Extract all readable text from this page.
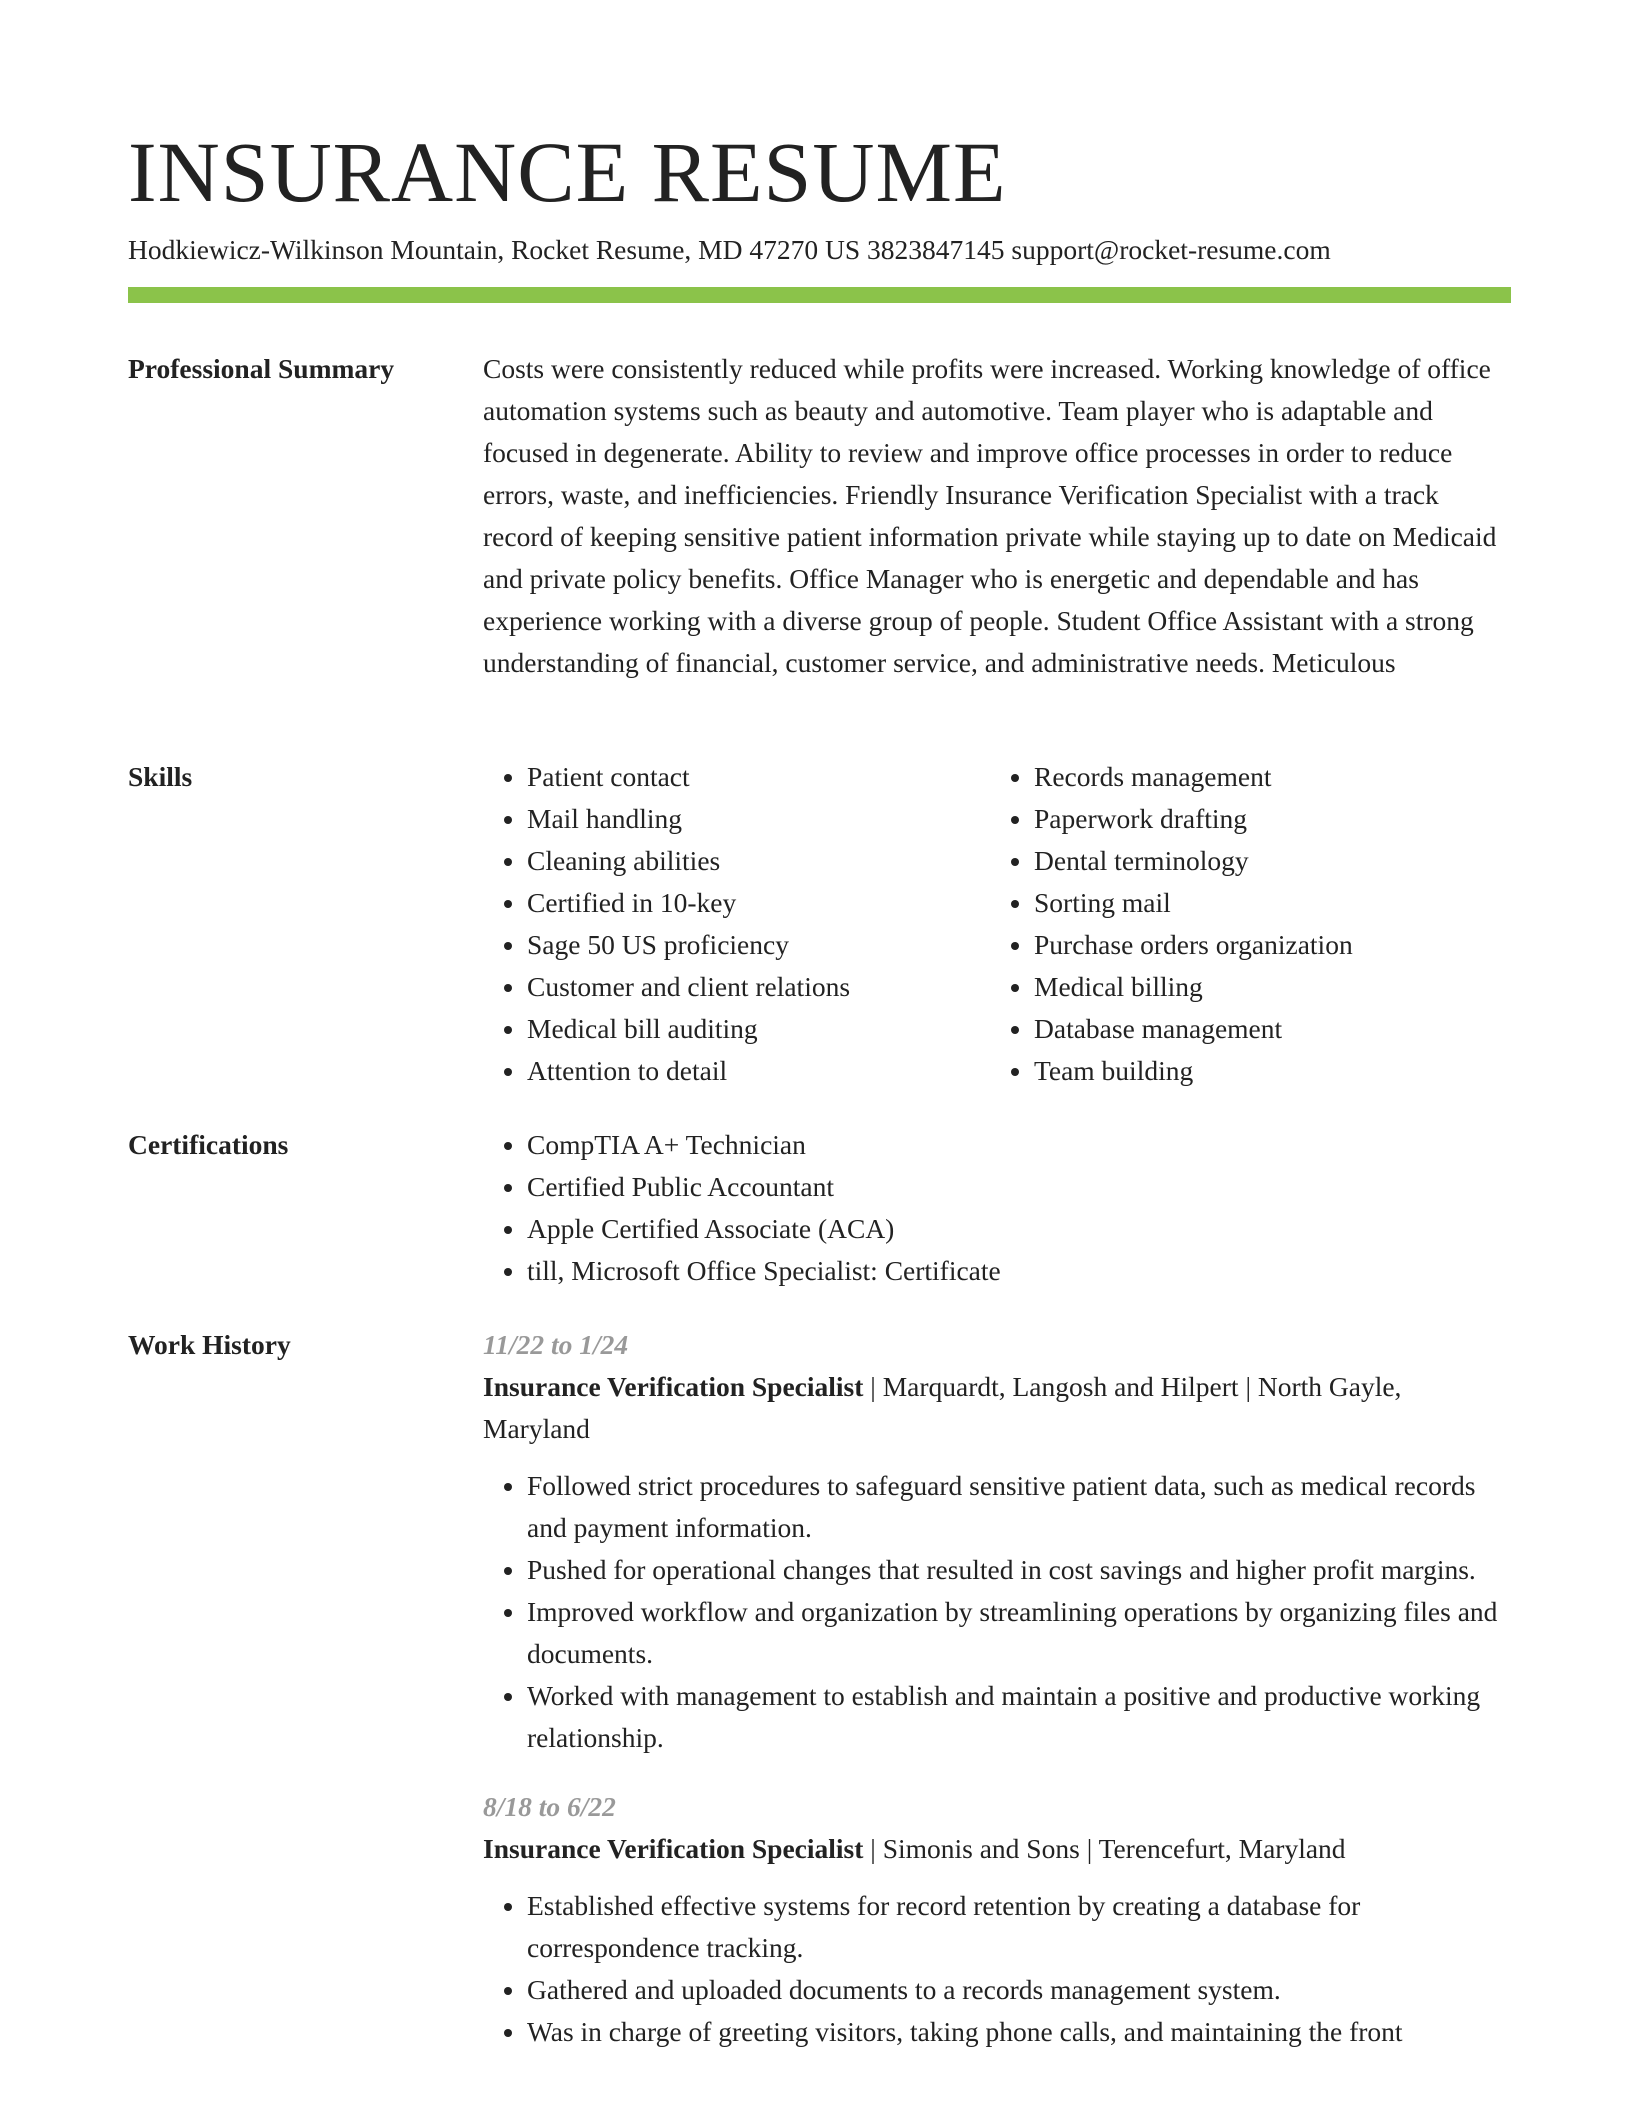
INSURANCE RESUME
Hodkiewicz-Wilkinson Mountain, Rocket Resume, MD 47270 US 3823847145 support@rocket-resume.com
Professional Summary	Costs were consistently reduced while profits were increased. Working knowledge of office automation systems such as beauty and automotive. Team player who is adaptable and focused in degenerate. Ability to review and improve office processes in order to reduce errors, waste, and inefficiencies. Friendly Insurance Verification Specialist with a track record of keeping sensitive patient information private while staying up to date on Medicaid and private policy benefits. Office Manager who is energetic and dependable and has experience working with a diverse group of people. Student Office Assistant with a strong understanding of financial, customer service, and administrative needs. Meticulous

Skills	• Patient contact
• Mail handling
• Cleaning abilities
• Certified in 10-key
• Sage 50 US proficiency
• Customer and client relations
• Medical bill auditing
• Attention to detail
• Records management
• Paperwork drafting
• Dental terminology
• Sorting mail
• Purchase orders organization
• Medical billing
• Database management
• Team building
Certifications	• CompTIA A+ Technician
• Certified Public Accountant
• Apple Certified Associate (ACA)
• till, Microsoft Office Specialist: Certificate
Work History	11/22 to 1/24
Insurance Verification Specialist | Marquardt, Langosh and Hilpert | North Gayle, Maryland
• Followed strict procedures to safeguard sensitive patient data, such as medical records and payment information.
• Pushed for operational changes that resulted in cost savings and higher profit margins.
• Improved workflow and organization by streamlining operations by organizing files and documents.
• Worked with management to establish and maintain a positive and productive working relationship.
8/18 to 6/22
Insurance Verification Specialist | Simonis and Sons | Terencefurt, Maryland
• Established effective systems for record retention by creating a database for correspondence tracking.
• Gathered and uploaded documents to a records management system.
• Was in charge of greeting visitors, taking phone calls, and maintaining the front
